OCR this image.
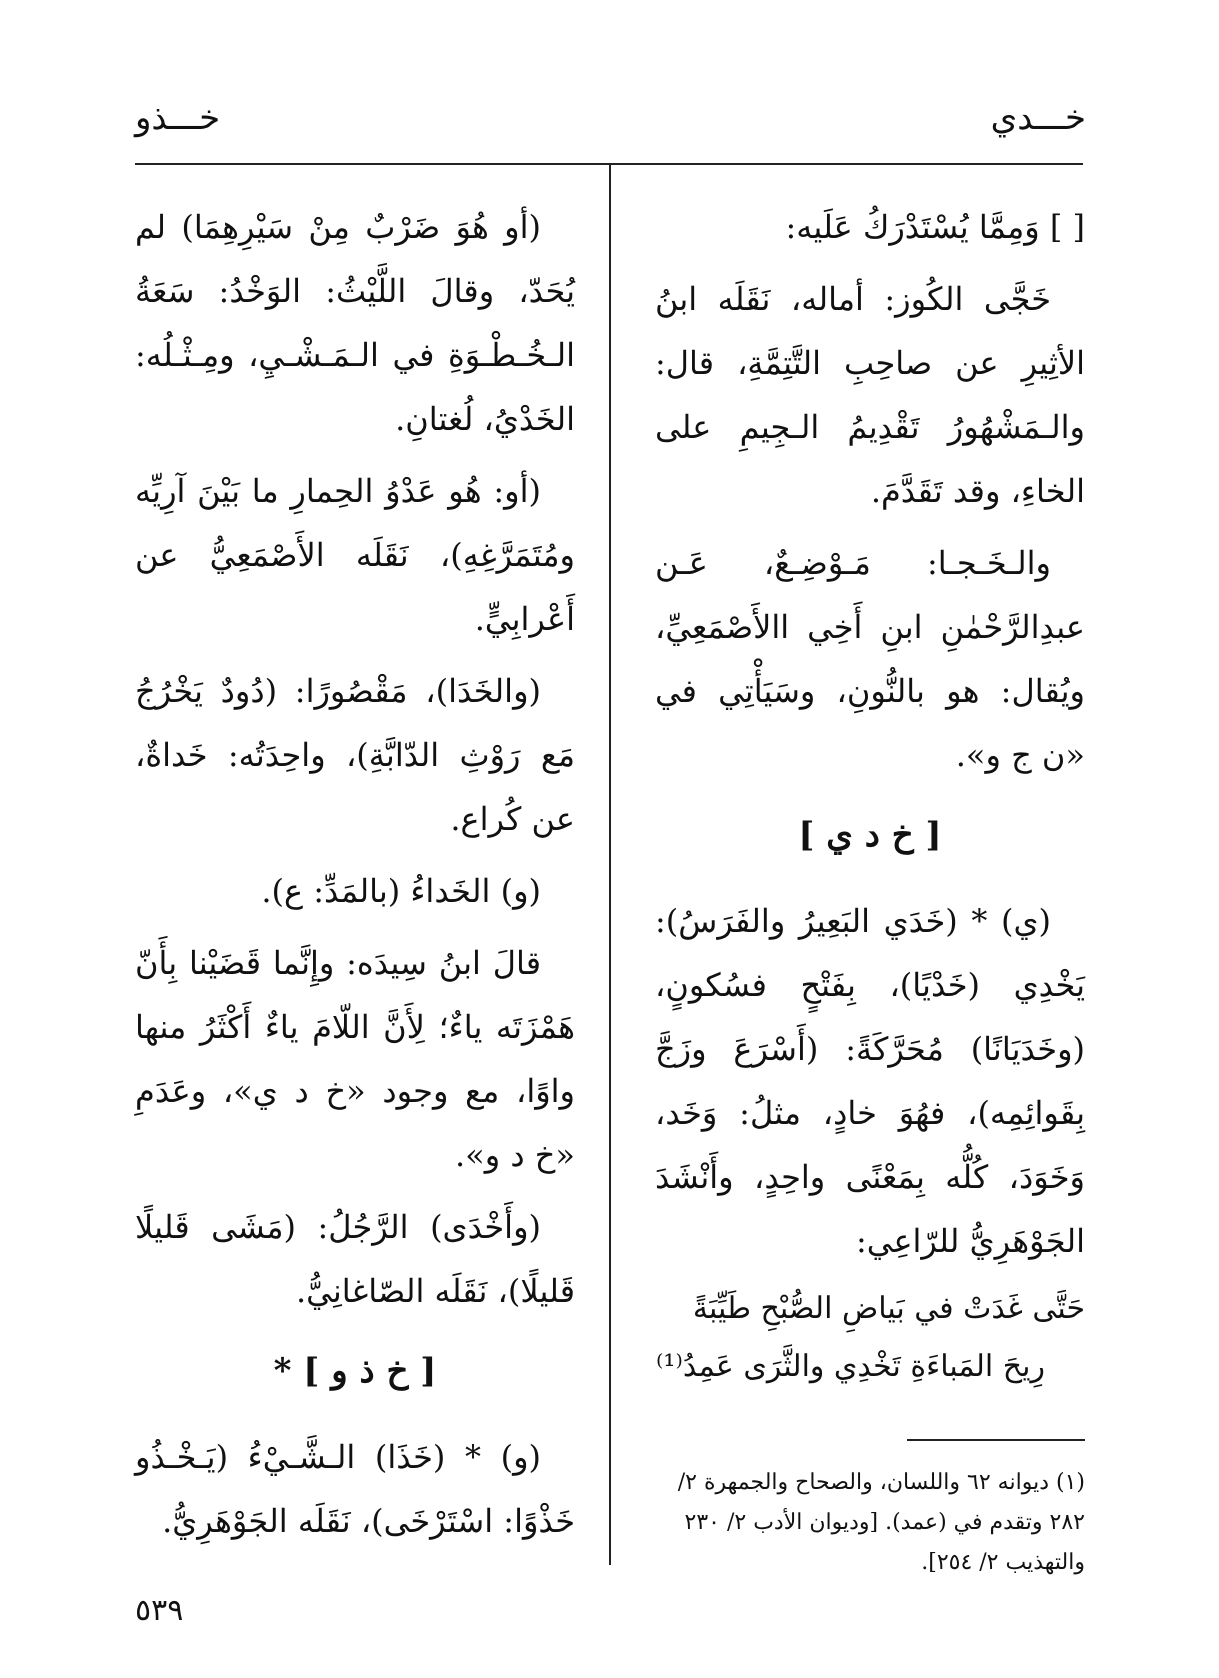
خـــدي
خـــذو

[ ] وَمِمَّا يُسْتَدْرَكُ عَلَيه:

خَجَّى الكُوز: أماله، نَقَلَه ابنُ الأثِيرِ عن صاحِبِ التَّتِمَّةِ، قال: والـمَشْهُورُ تَقْدِيمُ الـجِيمِ على الخاءِ، وقد تَقَدَّمَ.

والـخَـجـا: مَـوْضِـعٌ، عَـن عبدِالرَّحْمٰنِ ابنِ أَخِي االأَصْمَعِيِّ، ويُقال: هو بالنُّونِ، وسَيَأْتِي في «ن ج و».

[ خ د ي ]

(ي) * (خَدَي البَعِيرُ والفَرَسُ): يَخْدِي (خَدْيًا)، بِفَتْحٍ فسُكونٍ، (وخَدَيَانًا) مُحَرَّكَةً: (أَسْرَعَ وزَجَّ بِقَوائِمِه)، فهُوَ خادٍ، مثلُ: وَخَد، وَخَوَدَ، كُلُّه بِمَعْنًى واحِدٍ، وأَنْشَدَ الجَوْهَرِيُّ للرّاعِي:

حَتَّى غَدَتْ في بَياضِ الصُّبْحِ طَيِّبَةً
رِيحَ المَباءَةِ تَخْدِي والثَّرَى عَمِدُ⁽¹⁾
(١) ديوانه ٦٢ واللسان، والصحاح والجمهرة ٢/ ٢٨٢ وتقدم في (عمد). [وديوان الأدب ٢/ ٢٣٠ والتهذيب ٢/ ٢٥٤].

(أو هُوَ ضَرْبٌ مِنْ سَيْرِهِمَا) لم يُحَدّ، وقالَ اللَّيْثُ: الوَخْدُ: سَعَةُ الـخُـطْـوَةِ في الـمَـشْـيِ، ومِـثْـلُه: الخَدْيُ، لُغتانِ.

(أو: هُو عَدْوُ الحِمارِ ما بَيْنَ آرِيِّه ومُتَمَرَّغِهِ)، نَقَلَه الأَصْمَعِيُّ عن أَعْرابِيٍّ.

(والخَدَا)، مَقْصُورًا: (دُودٌ يَخْرُجُ مَع رَوْثِ الدّابَّةِ)، واحِدَتُه: خَداةٌ، عن كُراع.

(و) الخَداءُ (بالمَدِّ: ع).

قالَ ابنُ سِيدَه: وإِنَّما قَضَيْنا بِأَنّ هَمْزَتَه ياءٌ؛ لِأَنَّ اللّامَ ياءٌ أَكْثَرُ منها واوًا، مع وجود «خ د ي»، وعَدَمِ «خ د و».

(وأَخْدَى) الرَّجُلُ: (مَشَى قَليلًا قَليلًا)، نَقَلَه الصّاغانِيُّ.

[ خ ذ و ] *

(و) * (خَذَا) الـشَّـيْءُ (يَـخْـذُو خَذْوًا: اسْتَرْخَى)، نَقَلَه الجَوْهَرِيُّ.

٥٣٩
